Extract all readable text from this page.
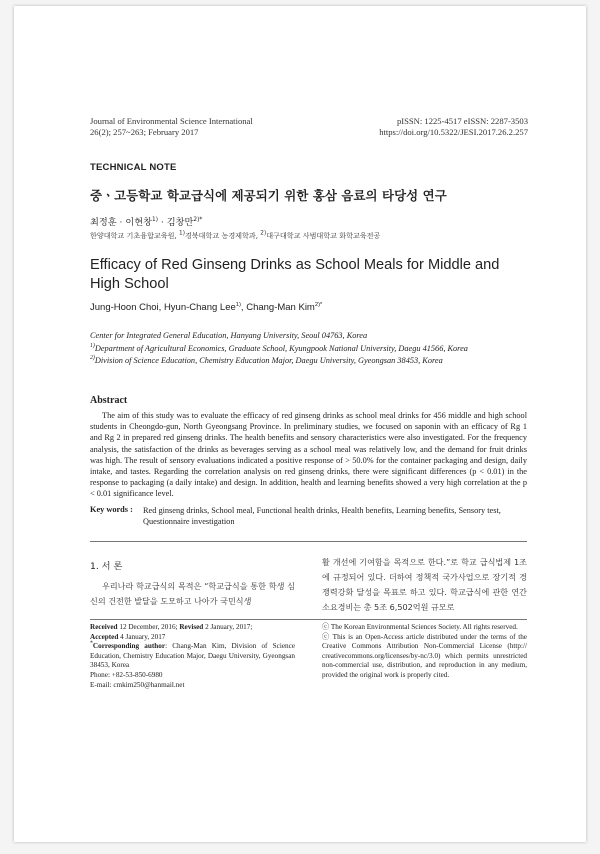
Journal of Environmental Science International
26(2); 257~263; February 2017
pISSN: 1225-4517 eISSN: 2287-3503
https://doi.org/10.5322/JESI.2017.26.2.257
TECHNICAL NOTE
중ㆍ고등학교 학교급식에 제공되기 위한 홍삼 음료의 타당성 연구
최정훈 · 이현창$^{1)}$ · 김창만$^{2)*}$
한양대학교 기초융합교육원, $^{1)}$경북대학교 농경제학과, $^{2)}$대구대학교 사범대학교 화학교육전공
Efficacy of Red Ginseng Drinks as School Meals for Middle and High School
Jung-Hoon Choi, Hyun-Chang Lee$^{1)}$, Chang-Man Kim$^{2)*}$
Center for Integrated General Education, Hanyang University, Seoul 04763, Korea
$^{1)}$Department of Agricultural Economics, Graduate School, Kyungpook National University, Daegu 41566, Korea
$^{2)}$Division of Science Education, Chemistry Education Major, Daegu University, Gyeongsan 38453, Korea
Abstract
The aim of this study was to evaluate the efficacy of red ginseng drinks as school meal drinks for 456 middle and high school students in Cheongdo-gun, North Gyeongsang Province. In preliminary studies, we focused on saponin with an efficacy of Rg 1 and Rg 2 in prepared red ginseng drinks. The health benefits and sensory characteristics were also investigated. For the frequency analysis, the satisfaction of the drinks as beverages serving as a school meal was relatively low, and the demand for fruit drinks was high. The result of sensory evaluations indicated a positive response of > 50.0% for the container packaging and design, daily intake, and tastes. Regarding the correlation analysis on red ginseng drinks, there were significant differences (p < 0.01) in the response to packaging (a daily intake) and design. In addition, health and learning benefits showed a very high correlation at the p < 0.01 significance level.
Key words :	Red ginseng drinks, School meal, Functional health drinks, Health benefits, Learning benefits, Sensory test, Questionnaire investigation
1. 서 론
우리나라 학교급식의 목적은 “학교급식을 통한 학생 심신의 건전한 발달을 도모하고 나아가 국민식생
활 개선에 기여함을 목적으로 한다.”로 학교 급식법제 1조에 규정되어 있다. 더하여 정책적 국가사업으로 장기적 경쟁력강화 달성을 목표로 하고 있다. 학교급식에 관한 연간 소요경비는 총 5조 6,502억원 규모로
Received 12 December, 2016; Revised 2 January, 2017;
Accepted 4 January, 2017
*Corresponding author: Chang-Man Kim, Division of Science Education, Chemistry Education Major, Daegu University, Gyeongsan 38453, Korea
Phone: +82-53-850-6980
E-mail: cmkim250@hanmail.net
ⓒ The Korean Environmental Sciences Society. All rights reserved.
ⓒ This is an Open-Access article distributed under the terms of the Creative Commons Attribution Non-Commercial License (http:// creativecommons.org/licenses/by-nc/3.0) which permits unrestricted non-commercial use, distribution, and reproduction in any medium, provided the original work is properly cited.
